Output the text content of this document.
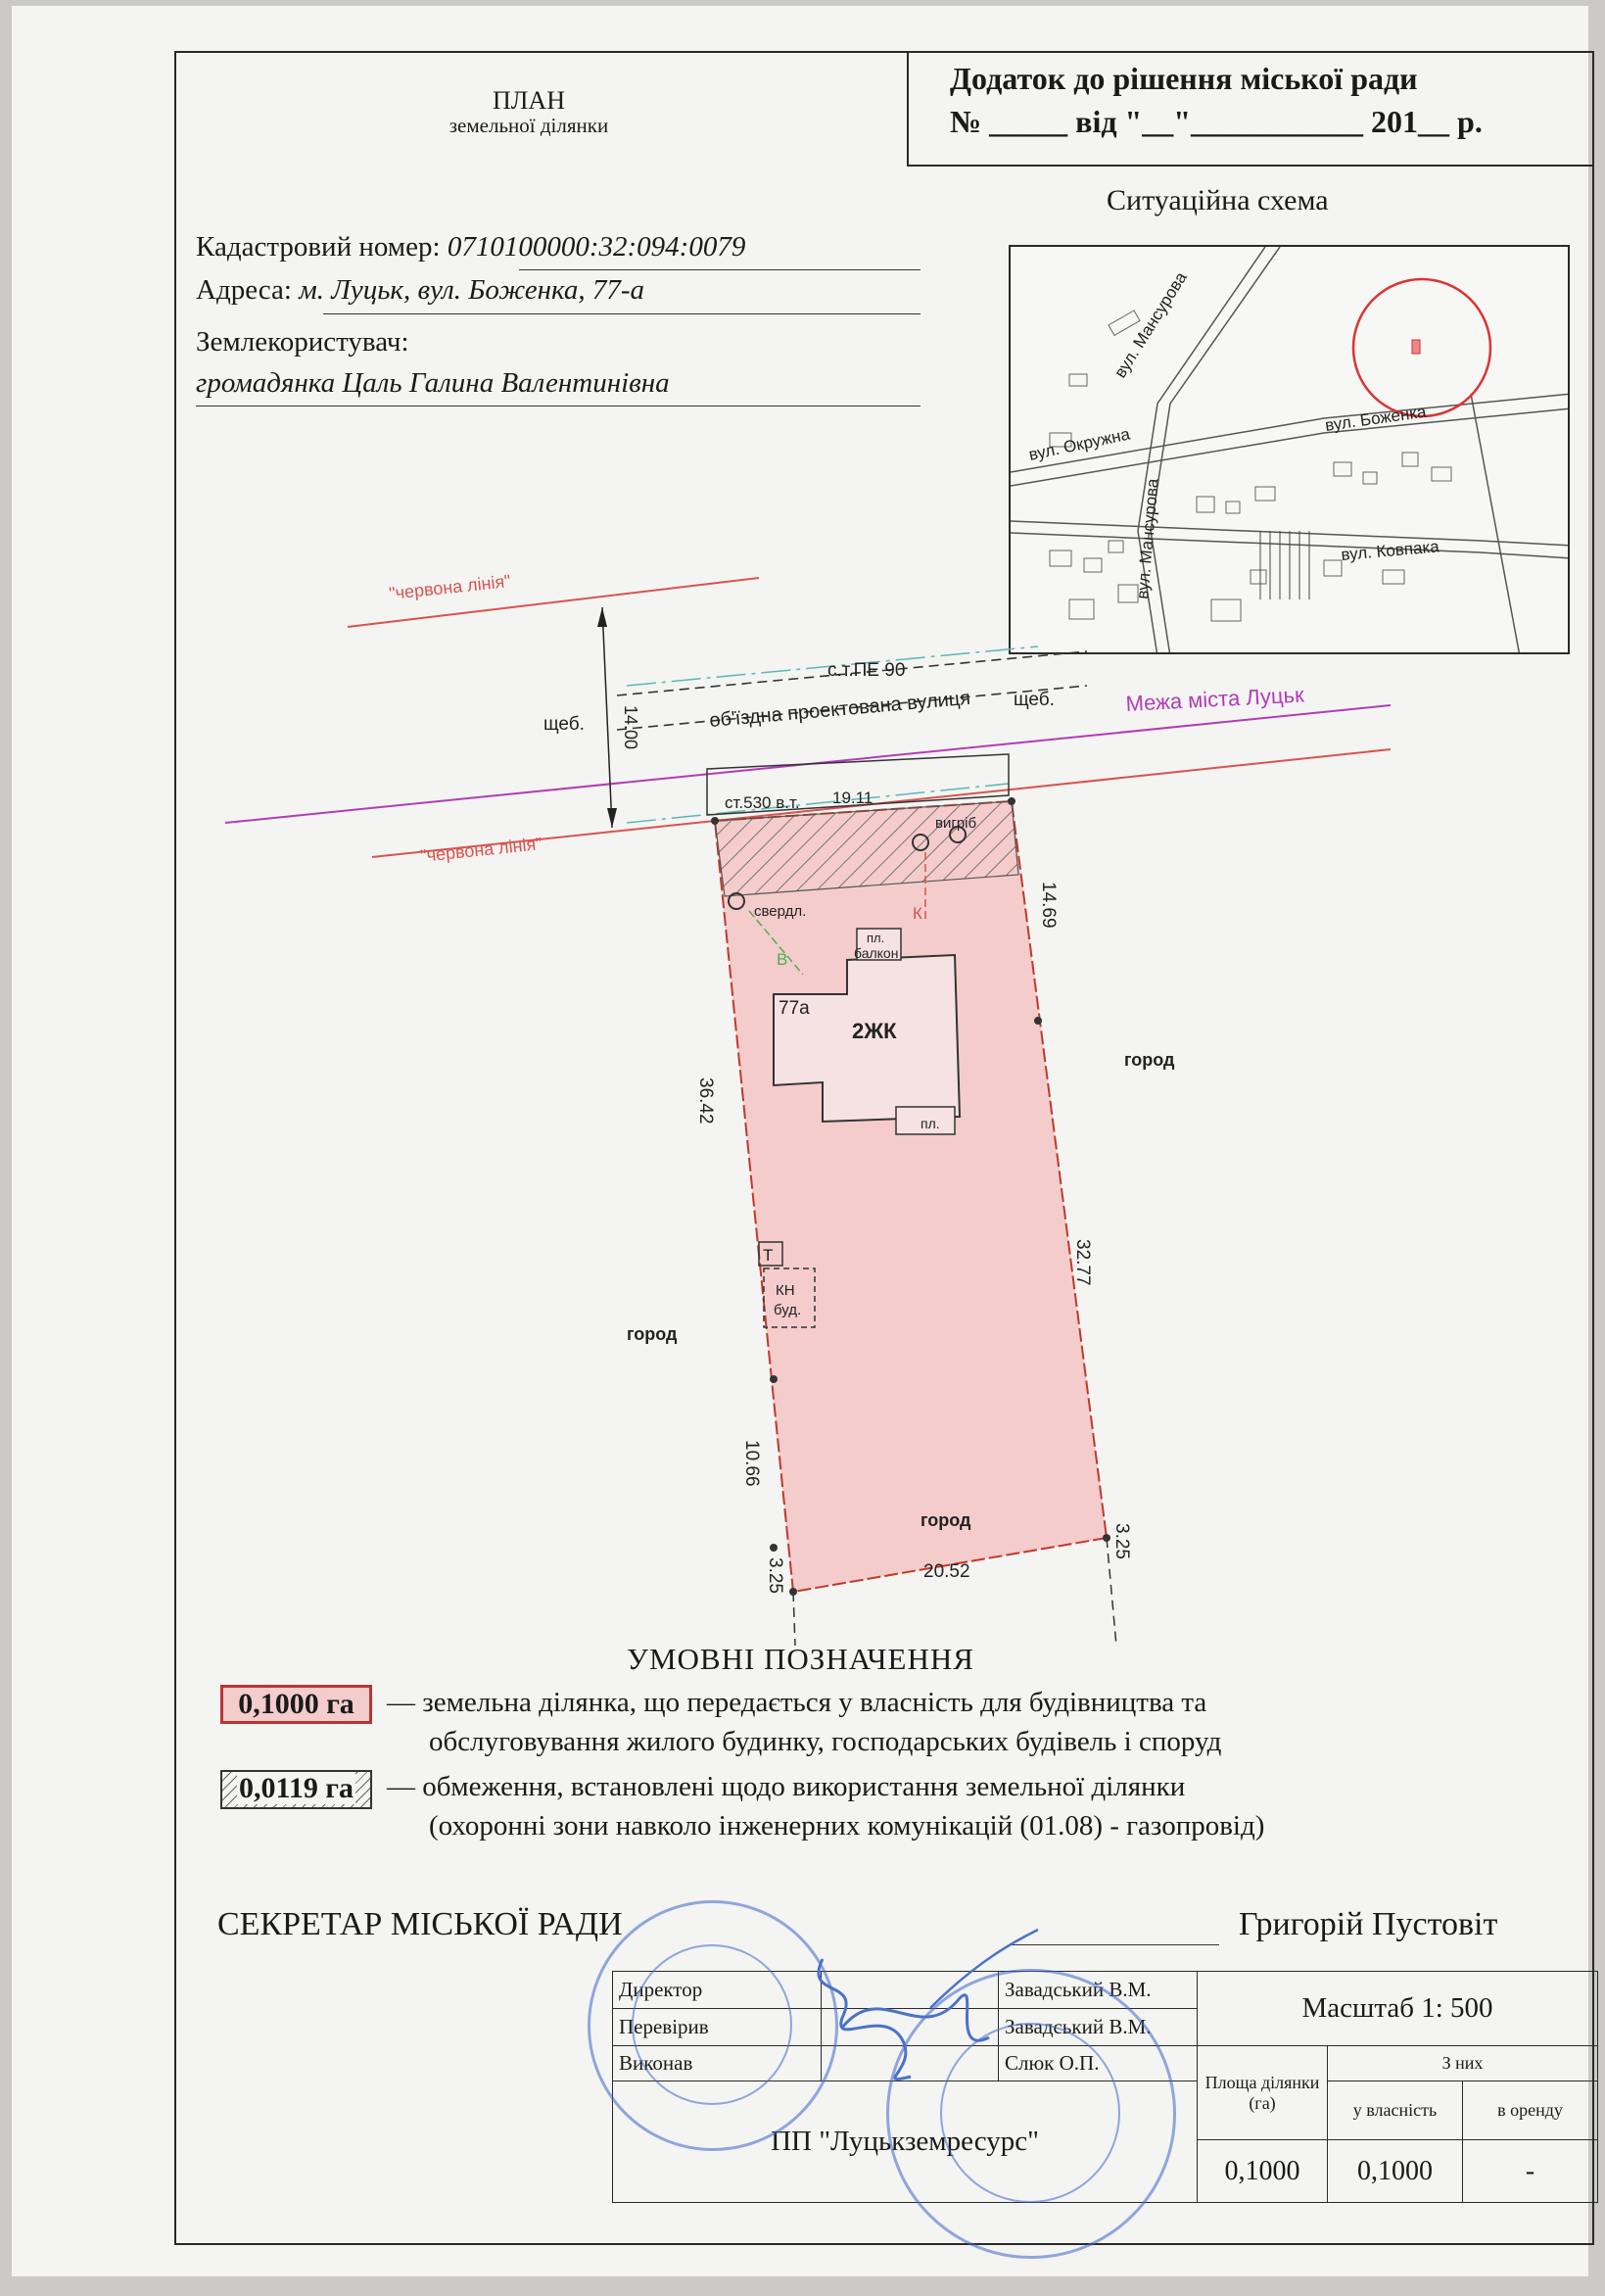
ПЛАН
земельної ділянки
Додаток до рішення міської ради
№ _____ від "__"___________ 201__ р.
Ситуаційна схема
Кадастровий номер: 0710100000:32:094:0079
Адреса: м. Луцьк, вул. Боженка, 77-а
Землекористувач:
громадянка Цаль Галина Валентинівна
вул. Окружна
вул. Мансурова
вул. Мансурова
вул. Боженка
вул. Ковпака
"червона лінія"
"червона лінія"
Межа міста Луцьк
с.т.ПЕ 90
об'їздна проектована вулиця
щеб.
щеб.
14.00
ст.530 в.т. 19.11
вигріб
К
свердл.
В
пл.
балкон
77а
2ЖК
пл.
Т
КН
буд.
14.69
32.77
3.25
36.42
10.66
3.25	20.52
город
город
город
УМОВНІ ПОЗНАЧЕННЯ
0,1000 га	— земельна ділянка, що передається у власність для будівництва та
обслуговування жилого будинку, господарських будівель і споруд
0,0119 га	— обмеження, встановлені щодо використання земельної ділянки
(охоронні зони навколо інженерних комунікацій (01.08) - газопровід)
СЕКРЕТАР МІСЬКОЇ РАДИ	Григорій Пустовіт
Директор		Завадський В.М.	Масштаб 1: 500		
Перевірив		Завадський В.М.			
Виконав		Слюк О.П.	Площа ділянки (га)	З них	
ПП "Луцькземресурс"				у власність	в оренду
			0,1000	0,1000	-
